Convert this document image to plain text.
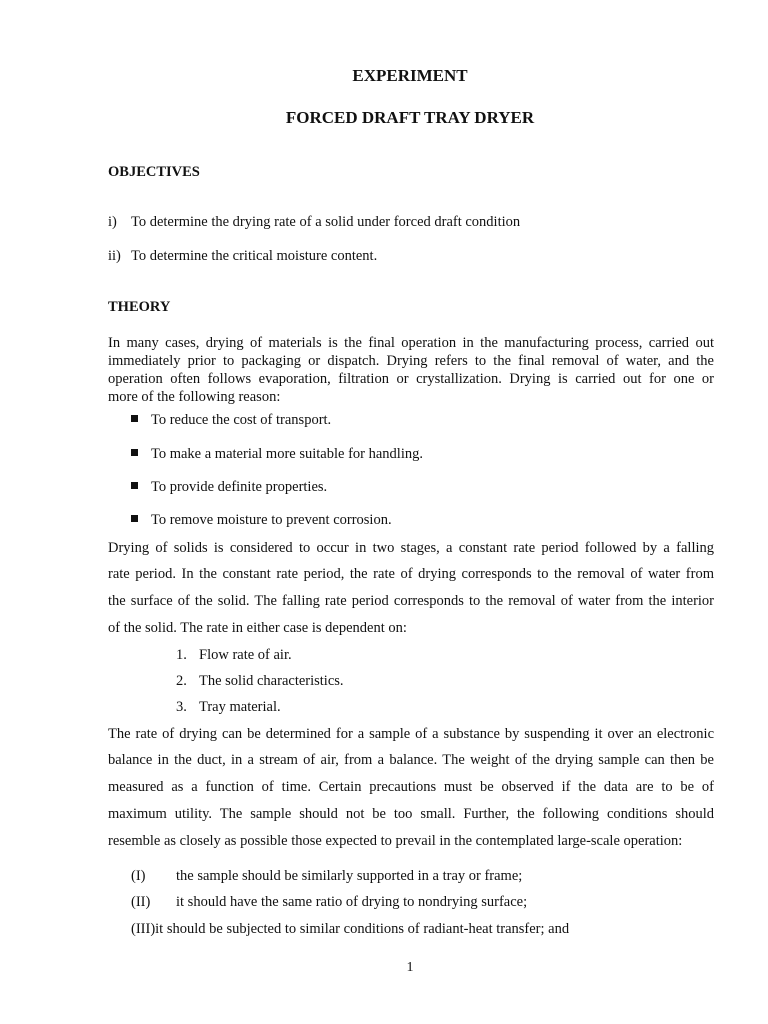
EXPERIMENT
FORCED DRAFT TRAY DRYER
OBJECTIVES
i) To determine the drying rate of a solid under forced draft condition
ii) To determine the critical moisture content.
THEORY
In many cases, drying of materials is the final operation in the manufacturing process, carried out
immediately prior to packaging or dispatch. Drying refers to the final removal of water, and the
operation often follows evaporation, filtration or crystallization. Drying is carried out for one or
more of the following reason:
To reduce the cost of transport.
To make a material more suitable for handling.
To provide definite properties.
To remove moisture to prevent corrosion.
Drying of solids is considered to occur in two stages, a constant rate period followed by a falling
rate period. In the constant rate period, the rate of drying corresponds to the removal of water from
the surface of the solid. The falling rate period corresponds to the removal of water from the interior
of the solid. The rate in either case is dependent on:
1. Flow rate of air.
2. The solid characteristics.
3. Tray material.
The rate of drying can be determined for a sample of a substance by suspending it over an electronic
balance in the duct, in a stream of air, from a balance. The weight of the drying sample can then be
measured as a function of time. Certain precautions must be observed if the data are to be of
maximum utility. The sample should not be too small. Further, the following conditions should
resemble as closely as possible those expected to prevail in the contemplated large-scale operation:
(I) the sample should be similarly supported in a tray or frame;
(II) it should have the same ratio of drying to nondrying surface;
(III)it should be subjected to similar conditions of radiant-heat transfer; and
1
